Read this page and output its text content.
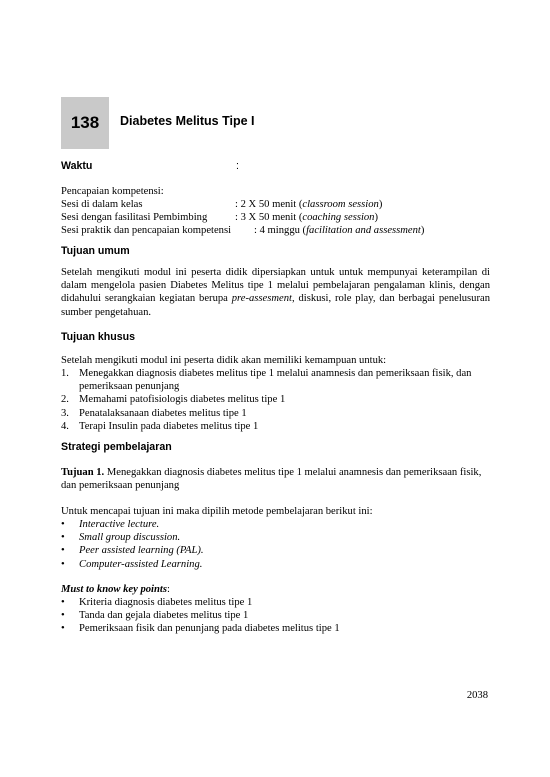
138 Diabetes Melitus Tipe I
Waktu	:
Pencapaian kompetensi:
Sesi di dalam kelas	: 2 X 50 menit (classroom session)
Sesi dengan fasilitasi Pembimbing	: 3 X 50 menit (coaching session)
Sesi praktik dan pencapaian kompetensi : 4 minggu (facilitation and assessment)
Tujuan umum
Setelah mengikuti modul ini peserta didik dipersiapkan untuk untuk mempunyai keterampilan di dalam mengelola pasien Diabetes Melitus tipe 1 melalui pembelajaran pengalaman klinis, dengan didahului serangkaian kegiatan berupa pre-assesment, diskusi, role play, dan berbagai penelusuran sumber pengetahuan.
Tujuan khusus
Setelah mengikuti modul ini peserta didik akan memiliki kemampuan untuk:
1. Menegakkan diagnosis diabetes melitus tipe 1 melalui anamnesis dan pemeriksaan fisik, dan pemeriksaan penunjang
2. Memahami patofisiologis diabetes melitus tipe 1
3. Penatalaksanaan diabetes melitus tipe 1
4. Terapi Insulin pada diabetes melitus tipe 1
Strategi pembelajaran
Tujuan 1. Menegakkan diagnosis diabetes melitus tipe 1 melalui anamnesis dan pemeriksaan fisik, dan pemeriksaan penunjang
Untuk mencapai tujuan ini maka dipilih metode pembelajaran berikut ini:
• Interactive lecture.
• Small group discussion.
• Peer assisted learning (PAL).
• Computer-assisted Learning.
Must to know key points:
• Kriteria diagnosis diabetes melitus tipe 1
• Tanda dan gejala diabetes melitus tipe 1
• Pemeriksaan fisik dan penunjang pada diabetes melitus tipe 1
2038
